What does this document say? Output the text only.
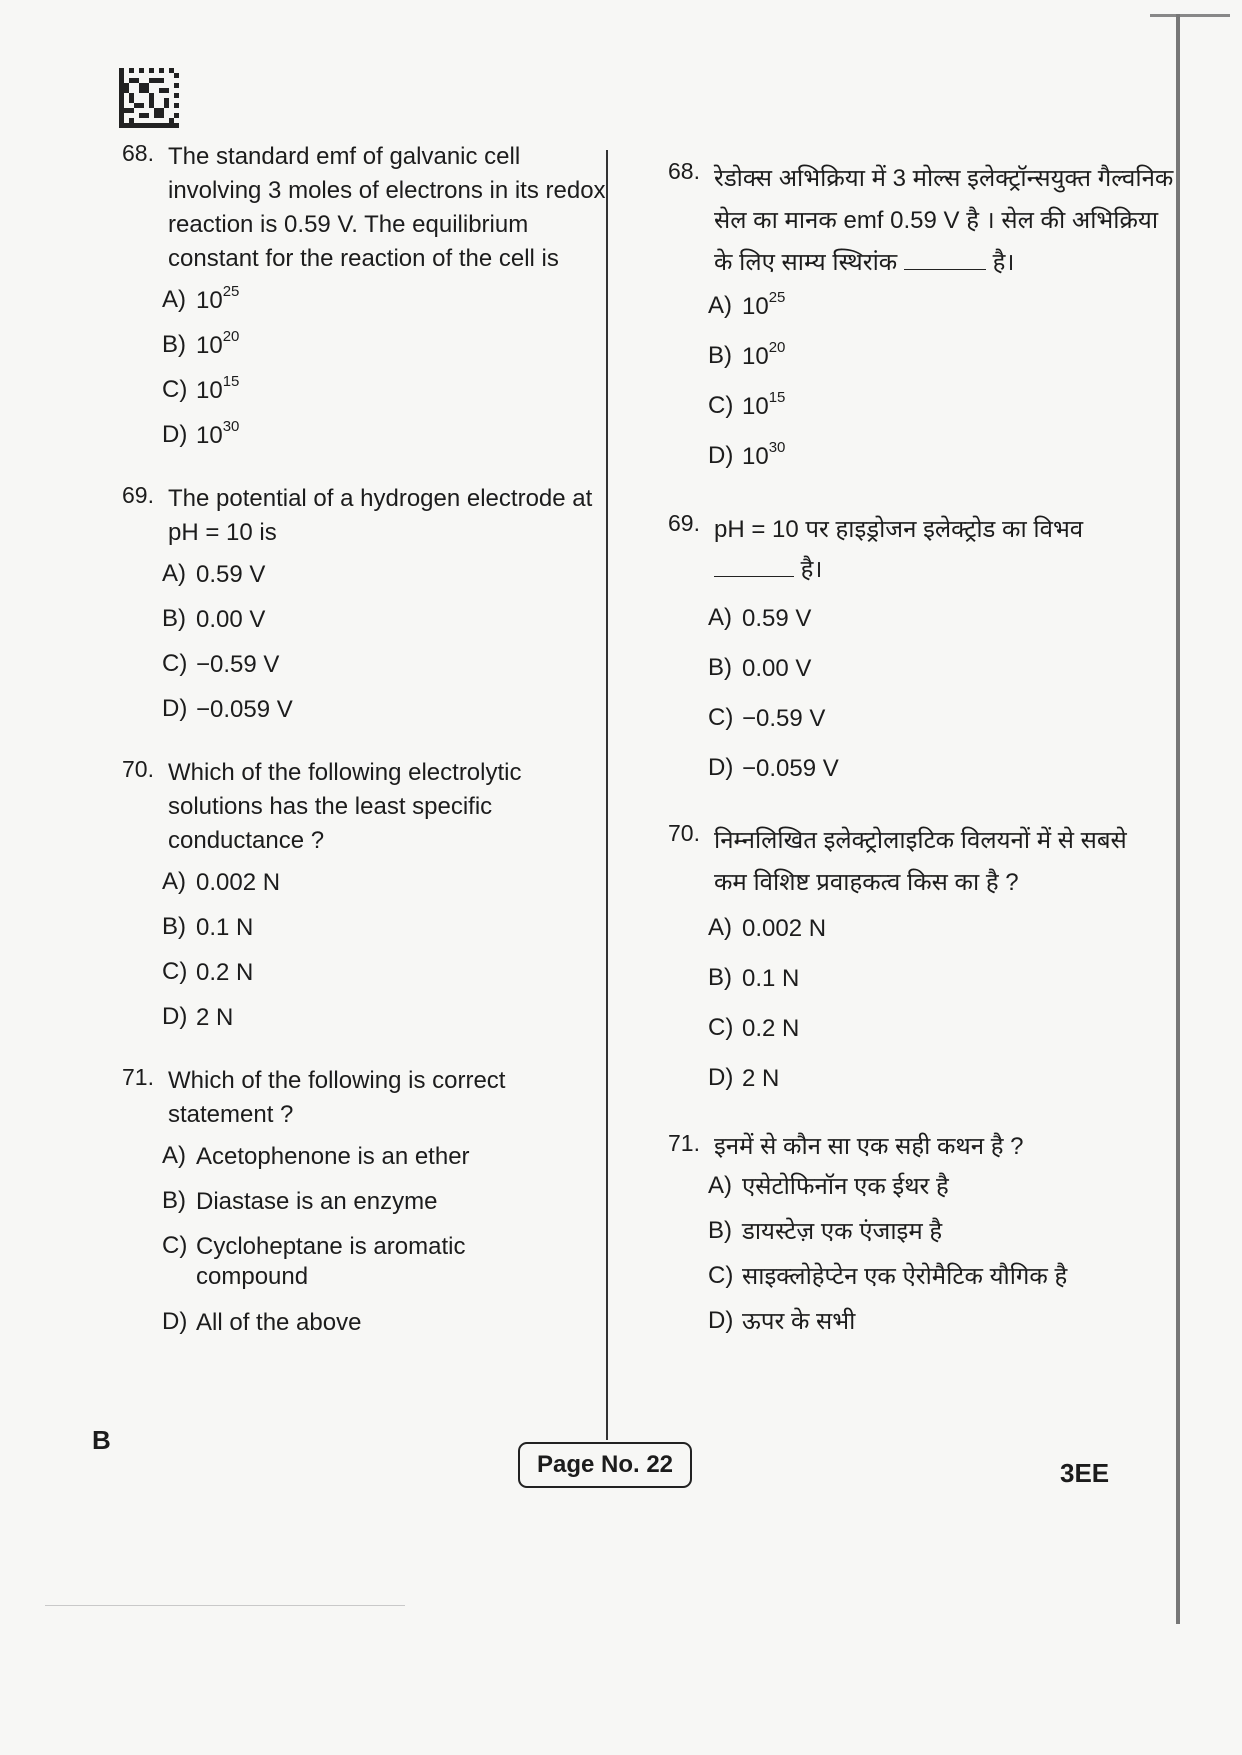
68. The standard emf of galvanic cell involving 3 moles of electrons in its redox reaction is 0.59 V. The equilibrium constant for the reaction of the cell is
A) $10^{25}$
B) $10^{20}$
C) $10^{15}$
D) $10^{30}$
69. The potential of a hydrogen electrode at pH = 10 is
A) 0.59 V
B) 0.00 V
C) −0.59 V
D) −0.059 V
70. Which of the following electrolytic solutions has the least specific conductance ?
A) 0.002 N
B) 0.1 N
C) 0.2 N
D) 2 N
71. Which of the following is correct statement ?
A) Acetophenone is an ether
B) Diastase is an enzyme
C) Cycloheptane is aromatic compound
D) All of the above
68. रेडोक्स अभिक्रिया में 3 मोल्स इलेक्ट्रॉन्सयुक्त गैल्वनिक सेल का मानक emf 0.59 V है । सेल की अभिक्रिया के लिए साम्य स्थिरांक	है।
A) $10^{25}$
B) $10^{20}$
C) $10^{15}$
D) $10^{30}$
69. pH = 10 पर हाइड्रोजन इलेक्ट्रोड का विभव
है।
A) 0.59 V
B) 0.00 V
C) −0.59 V
D) −0.059 V
70. निम्नलिखित इलेक्ट्रोलाइटिक विलयनों में से सबसे कम विशिष्ट प्रवाहकत्व किस का है ?
A) 0.002 N
B) 0.1 N
C) 0.2 N
D) 2 N
71. इनमें से कौन सा एक सही कथन है ?
A) एसेटोफिनॉन एक ईथर है
B) डायस्टेज़ एक एंजाइम है
C) साइक्लोहेप्टेन एक ऐरोमैटिक यौगिक है
D) ऊपर के सभी
B
Page No. 22	3EE
